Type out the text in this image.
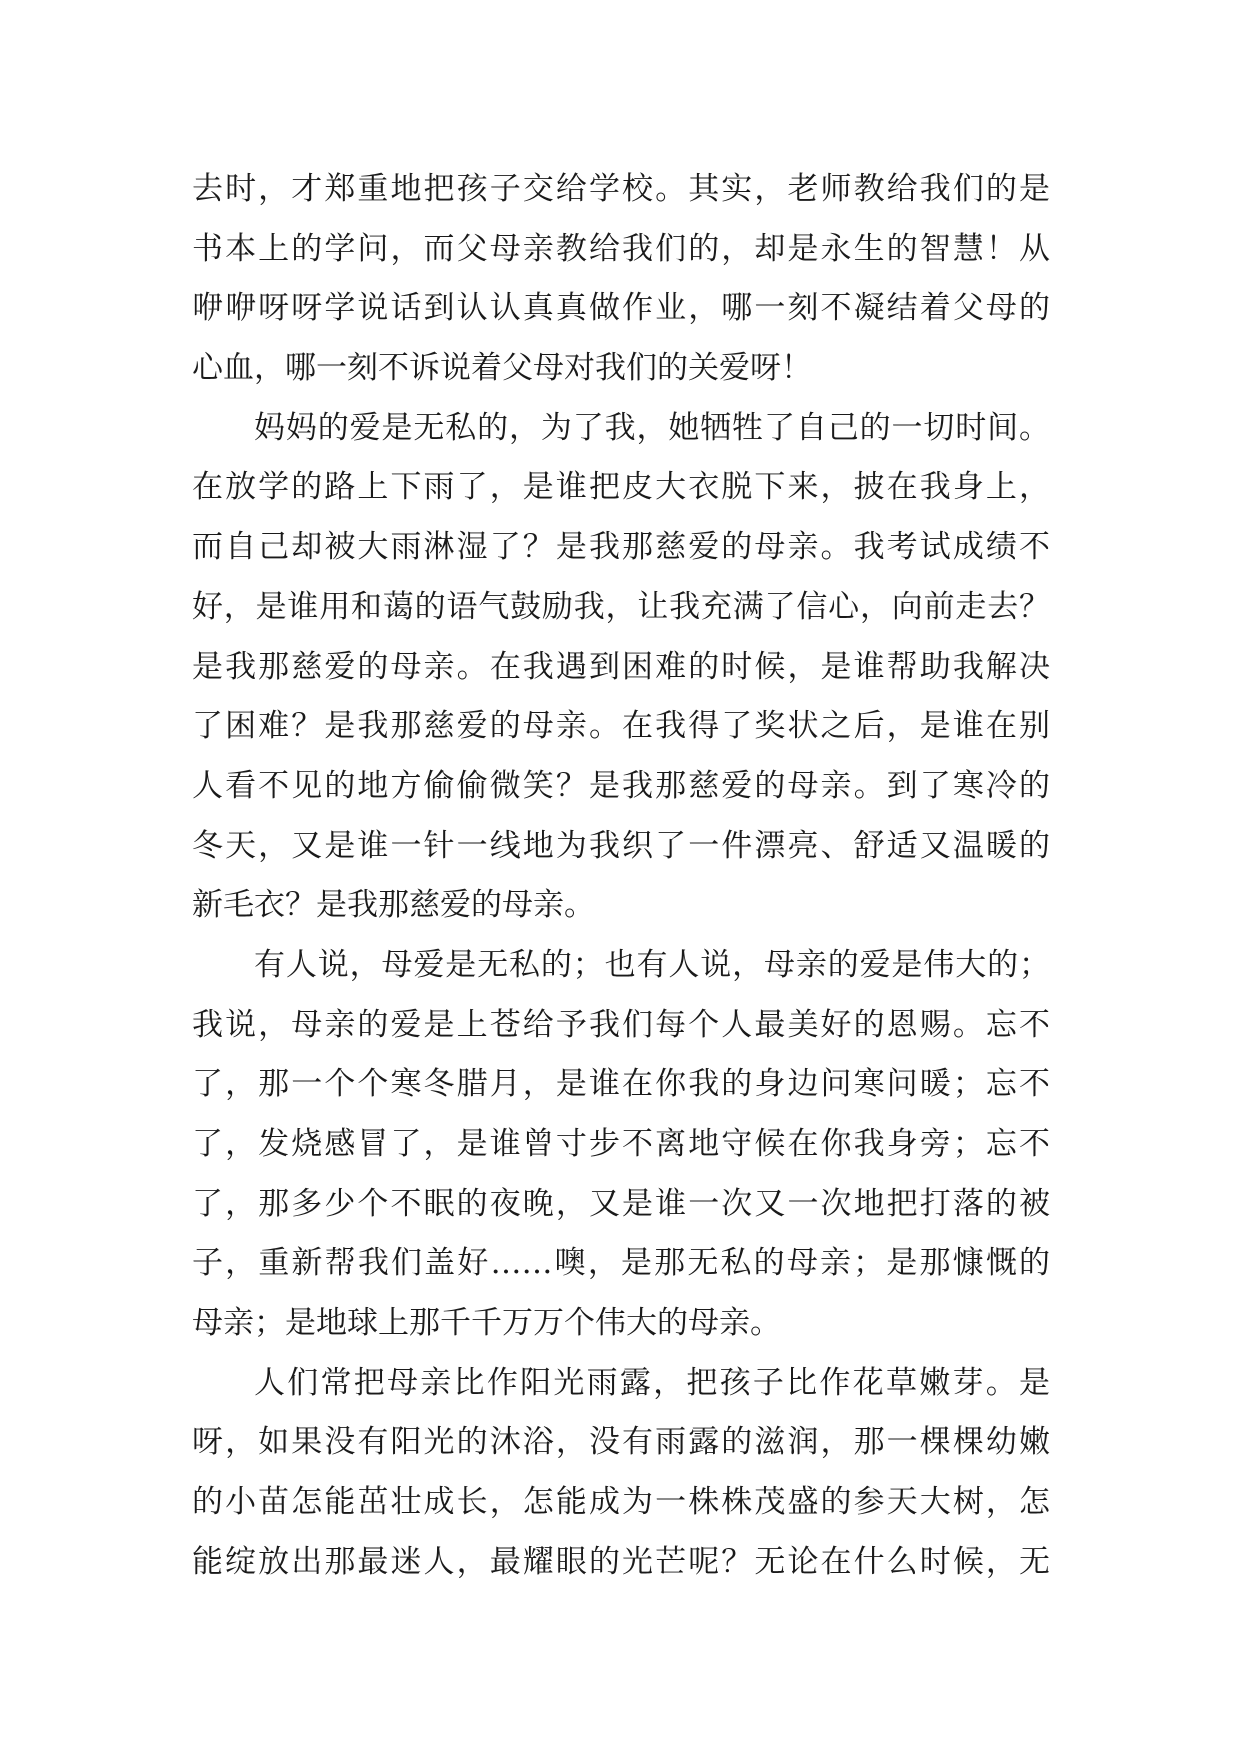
去时，才郑重地把孩子交给学校。其实，老师教给我们的是
书本上的学问，而父母亲教给我们的，却是永生的智慧！从
咿咿呀呀学说话到认认真真做作业，哪一刻不凝结着父母的
心血，哪一刻不诉说着父母对我们的关爱呀！
妈妈的爱是无私的，为了我，她牺牲了自己的一切时间。
在放学的路上下雨了，是谁把皮大衣脱下来，披在我身上，
而自己却被大雨淋湿了？是我那慈爱的母亲。我考试成绩不
好，是谁用和蔼的语气鼓励我，让我充满了信心，向前走去？
是我那慈爱的母亲。在我遇到困难的时候，是谁帮助我解决
了困难？是我那慈爱的母亲。在我得了奖状之后，是谁在别
人看不见的地方偷偷微笑？是我那慈爱的母亲。到了寒冷的
冬天，又是谁一针一线地为我织了一件漂亮、舒适又温暖的
新毛衣？是我那慈爱的母亲。
有人说，母爱是无私的；也有人说，母亲的爱是伟大的；
我说，母亲的爱是上苍给予我们每个人最美好的恩赐。忘不
了，那一个个寒冬腊月，是谁在你我的身边问寒问暖；忘不
了，发烧感冒了，是谁曾寸步不离地守候在你我身旁；忘不
了，那多少个不眠的夜晚，又是谁一次又一次地把打落的被
子，重新帮我们盖好……噢，是那无私的母亲；是那慷慨的
母亲；是地球上那千千万万个伟大的母亲。
人们常把母亲比作阳光雨露，把孩子比作花草嫩芽。是
呀，如果没有阳光的沐浴，没有雨露的滋润，那一棵棵幼嫩
的小苗怎能茁壮成长，怎能成为一株株茂盛的参天大树，怎
能绽放出那最迷人，最耀眼的光芒呢？无论在什么时候，无
